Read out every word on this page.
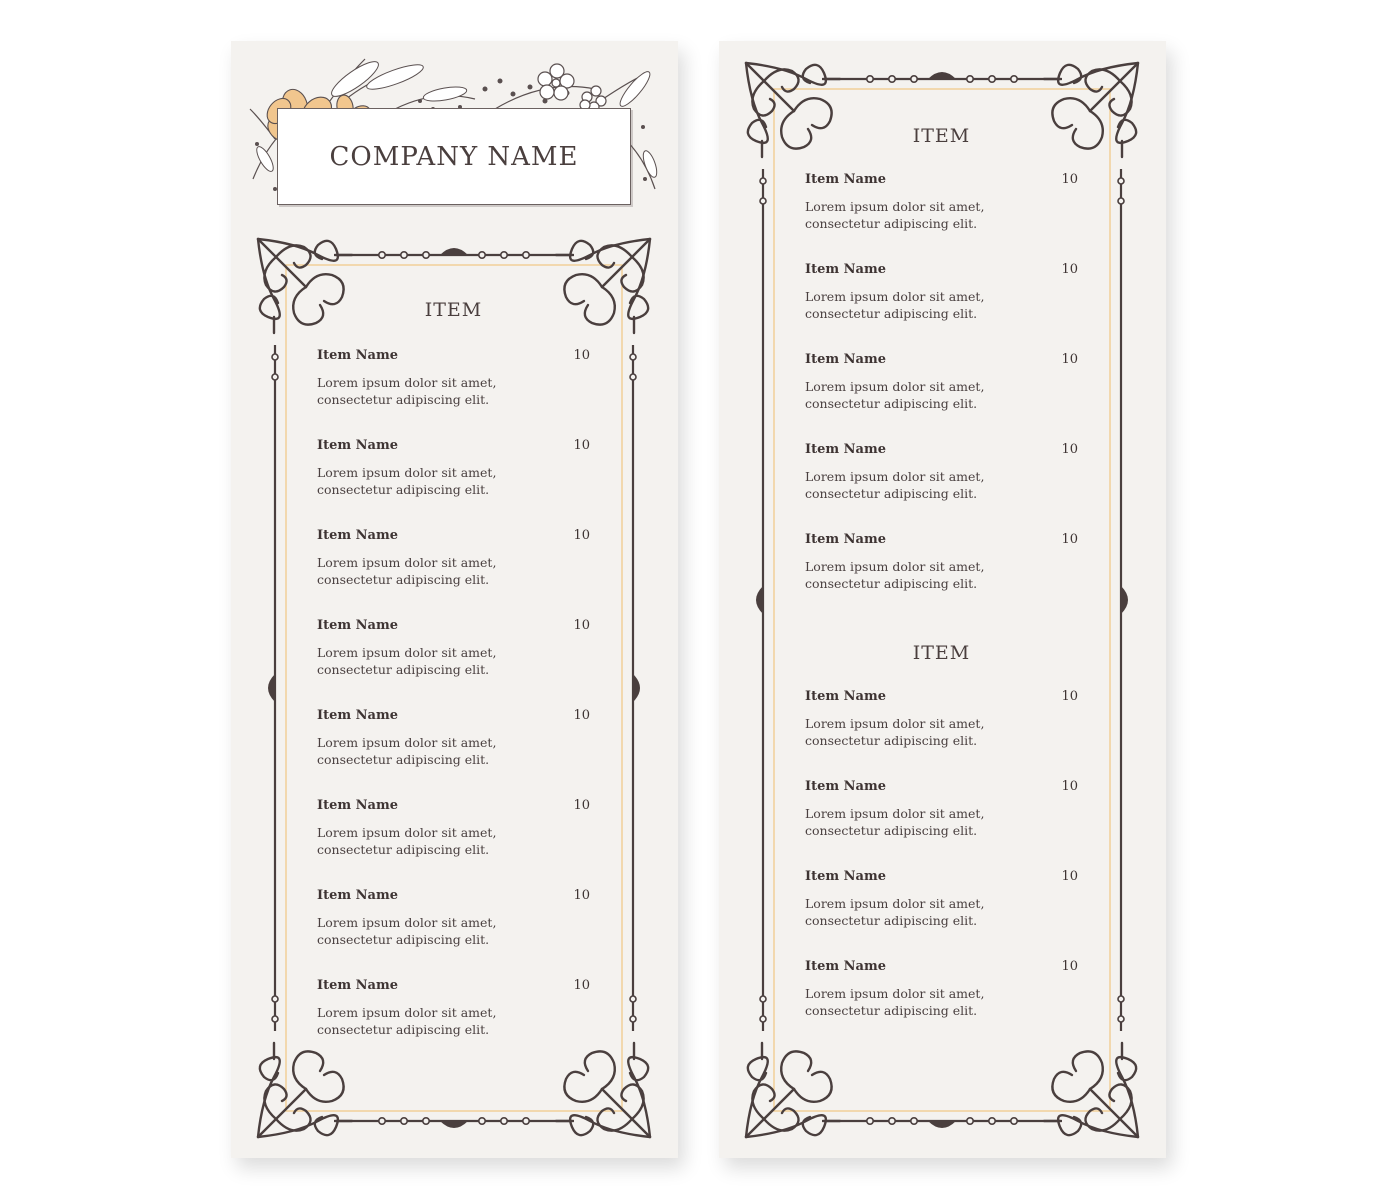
COMPANY NAME
ITEM
Item Name	10
Lorem ipsum dolor sit amet, consectetur adipiscing elit.
Item Name	10
Lorem ipsum dolor sit amet, consectetur adipiscing elit.
Item Name	10
Lorem ipsum dolor sit amet, consectetur adipiscing elit.
Item Name	10
Lorem ipsum dolor sit amet, consectetur adipiscing elit.
Item Name	10
Lorem ipsum dolor sit amet, consectetur adipiscing elit.
Item Name	10
Lorem ipsum dolor sit amet, consectetur adipiscing elit.
Item Name	10
Lorem ipsum dolor sit amet, consectetur adipiscing elit.
Item Name	10
Lorem ipsum dolor sit amet, consectetur adipiscing elit.
ITEM
Item Name	10
Lorem ipsum dolor sit amet, consectetur adipiscing elit.
Item Name	10
Lorem ipsum dolor sit amet, consectetur adipiscing elit.
Item Name	10
Lorem ipsum dolor sit amet, consectetur adipiscing elit.
Item Name	10
Lorem ipsum dolor sit amet, consectetur adipiscing elit.
Item Name	10
Lorem ipsum dolor sit amet, consectetur adipiscing elit.
ITEM
Item Name	10
Lorem ipsum dolor sit amet, consectetur adipiscing elit.
Item Name	10
Lorem ipsum dolor sit amet, consectetur adipiscing elit.
Item Name	10
Lorem ipsum dolor sit amet, consectetur adipiscing elit.
Item Name	10
Lorem ipsum dolor sit amet, consectetur adipiscing elit.
